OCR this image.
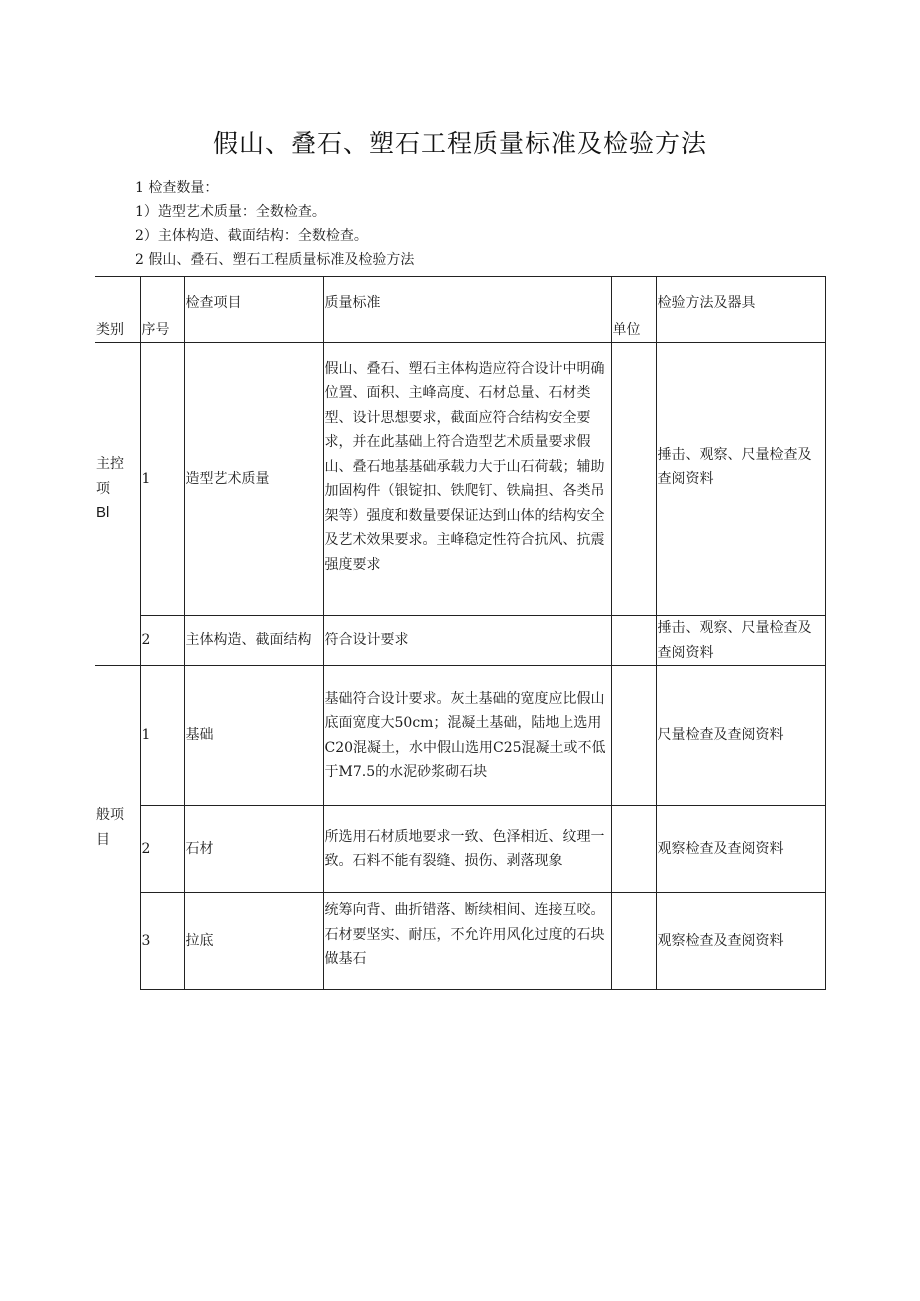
假山、叠石、塑石工程质量标准及检验方法
1 检查数量：
1）造型艺术质量：全数检查。
2）主体构造、截面结构：全数检查。
2 假山、叠石、塑石工程质量标准及检验方法
类别	序号	检查项目	质量标准	单位	检验方法及器具

主控
项
Bl	1	造型艺术质量	假山、叠石、塑石主体构造应符合设计中明确位置、面积、主峰高度、石材总量、石材类型、设计思想要求，截面应符合结构安全要求，并在此基础上符合造型艺术质量要求假山、叠石地基基础承载力大于山石荷载；辅助加固构件（银锭扣、铁爬钉、铁扁担、各类吊架等）强度和数量要保证达到山体的结构安全及艺术效果要求。主峰稳定性符合抗风、抗震强度要求		捶击、观察、尺量检查及查阅资料

	2	主体构造、截面结构	符合设计要求		捶击、观察、尺量检查及查阅资料

般项
目	1	基础	基础符合设计要求。灰土基础的宽度应比假山底面宽度大50cm；混凝土基础，陆地上选用C20混凝土，水中假山选用C25混凝土或不低于M7.5的水泥砂浆砌石块		尺量检查及查阅资料
	2	石材	所选用石材质地要求一致、色泽相近、纹理一致。石料不能有裂缝、损伤、剥落现象		观察检查及查阅资料
	3	拉底	统筹向背、曲折错落、断续相间、连接互咬。石材要坚实、耐压，不允许用风化过度的石块做基石		观察检查及查阅资料
